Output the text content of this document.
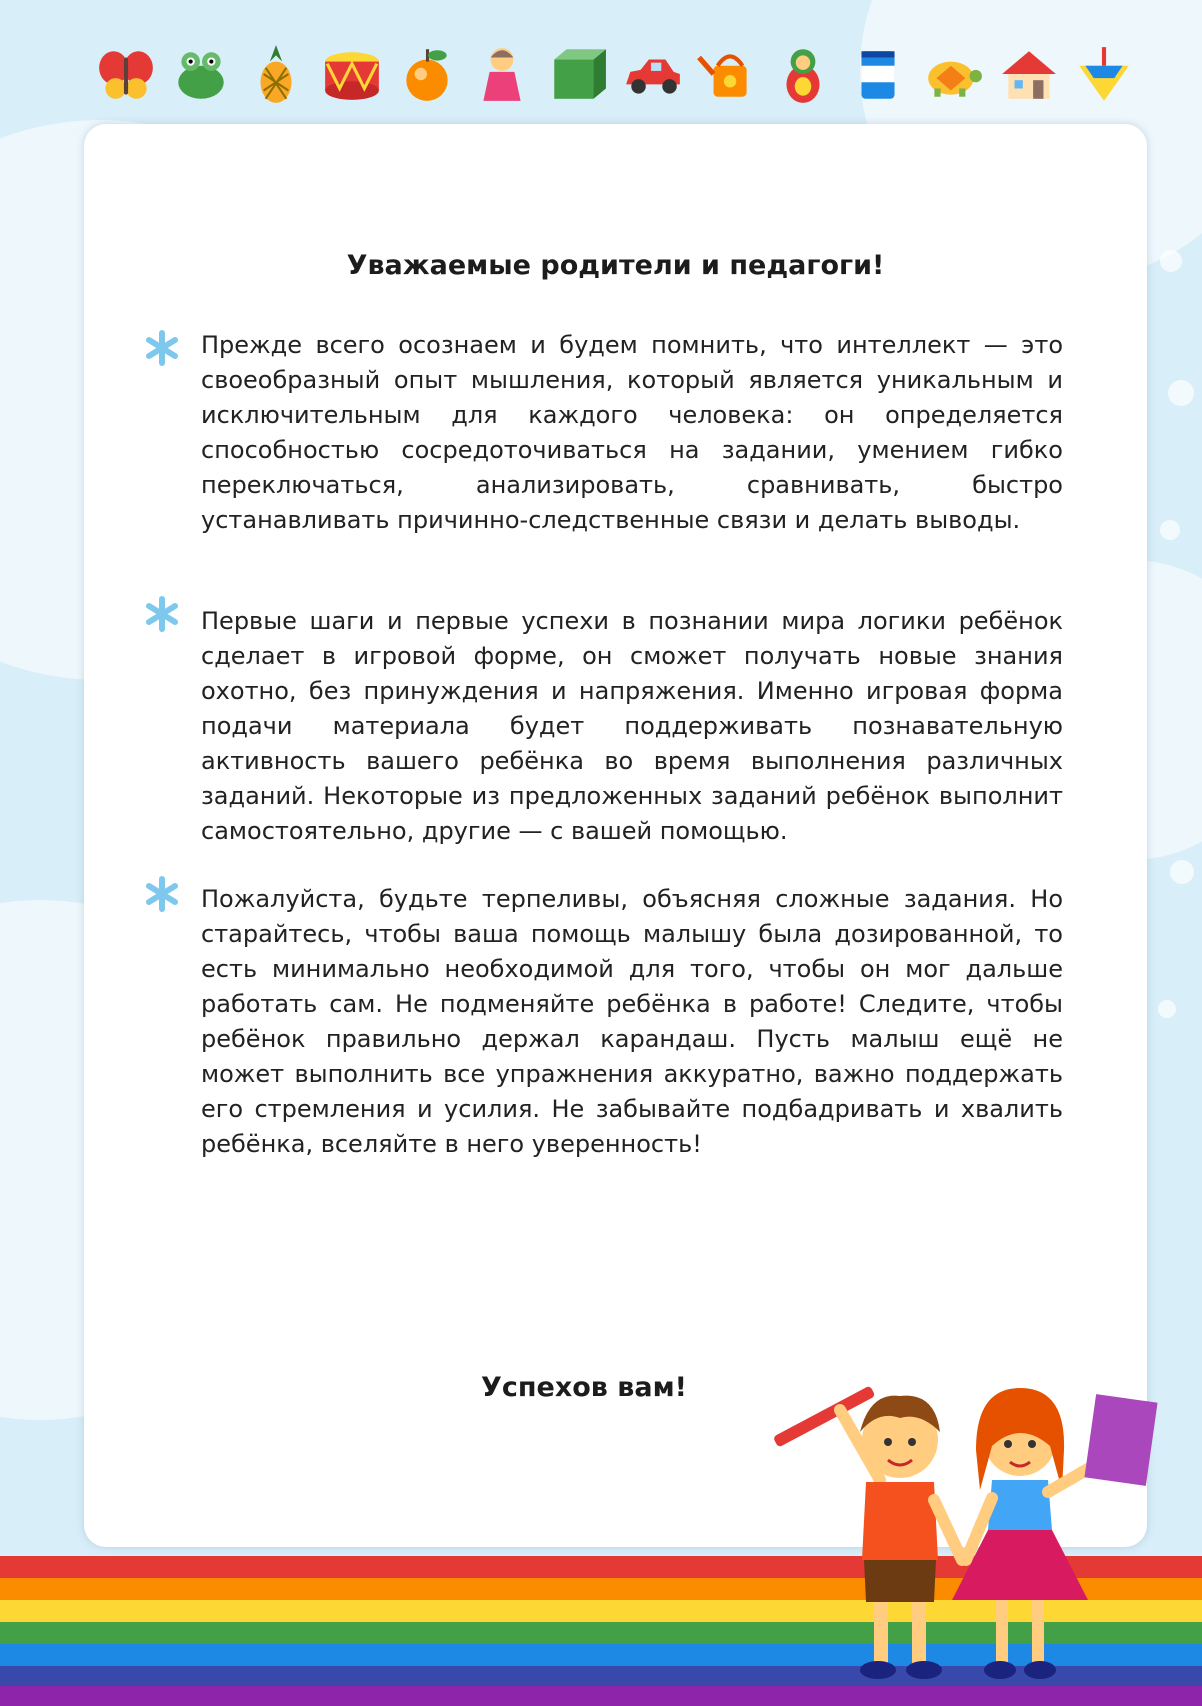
Уважаемые родители и педагоги!
Прежде всего осознаем и будем помнить, что интеллект — это своеобразный опыт мышления, который является уникальным и исключительным для каждого человека: он определяется способностью сосредоточиваться на задании, умением гибко переключаться, анализировать, сравнивать, быстро устанавливать причинно-следственные связи и делать выводы.
Первые шаги и первые успехи в познании мира логики ребёнок сделает в игровой форме, он сможет получать новые знания охотно, без принуждения и напряжения. Именно игровая форма подачи материала будет поддерживать познавательную активность вашего ребёнка во время выполнения различных заданий. Некоторые из предложенных заданий ребёнок выполнит самостоятельно, другие — с вашей помощью.
Пожалуйста, будьте терпеливы, объясняя сложные задания. Но старайтесь, чтобы ваша помощь малышу была дозированной, то есть минимально необходимой для того, чтобы он мог дальше работать сам. Не подменяйте ребёнка в работе! Следите, чтобы ребёнок правильно держал карандаш. Пусть малыш ещё не может выполнить все упражнения аккуратно, важно поддержать его стремления и усилия. Не забывайте подбадривать и хвалить ребёнка, вселяйте в него уверенность!
Успехов вам!
